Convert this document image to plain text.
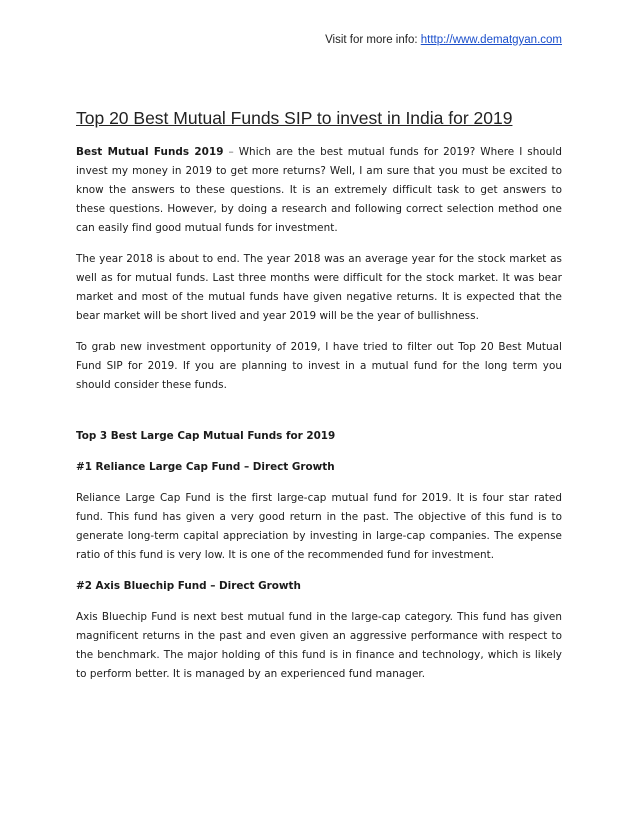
Visit for more info: htttp://www.dematgyan.com
Top 20 Best Mutual Funds SIP to invest in India for 2019

Best Mutual Funds 2019 – Which are the best mutual funds for 2019? Where I should invest my money in 2019 to get more returns? Well, I am sure that you must be excited to know the answers to these questions. It is an extremely difficult task to get answers to these questions. However, by doing a research and following correct selection method one can easily find good mutual funds for investment.

The year 2018 is about to end. The year 2018 was an average year for the stock market as well as for mutual funds. Last three months were difficult for the stock market. It was bear market and most of the mutual funds have given negative returns. It is expected that the bear market will be short lived and year 2019 will be the year of bullishness.

To grab new investment opportunity of 2019, I have tried to filter out Top 20 Best Mutual Fund SIP for 2019. If you are planning to invest in a mutual fund for the long term you should consider these funds.

Top 3 Best Large Cap Mutual Funds for 2019
#1 Reliance Large Cap Fund – Direct Growth

Reliance Large Cap Fund is the first large-cap mutual fund for 2019. It is four star rated fund. This fund has given a very good return in the past. The objective of this fund is to generate long-term capital appreciation by investing in large-cap companies. The expense ratio of this fund is very low. It is one of the recommended fund for investment.

#2 Axis Bluechip Fund – Direct Growth

Axis Bluechip Fund is next best mutual fund in the large-cap category. This fund has given magnificent returns in the past and even given an aggressive performance with respect to the benchmark. The major holding of this fund is in finance and technology, which is likely to perform better. It is managed by an experienced fund manager.
